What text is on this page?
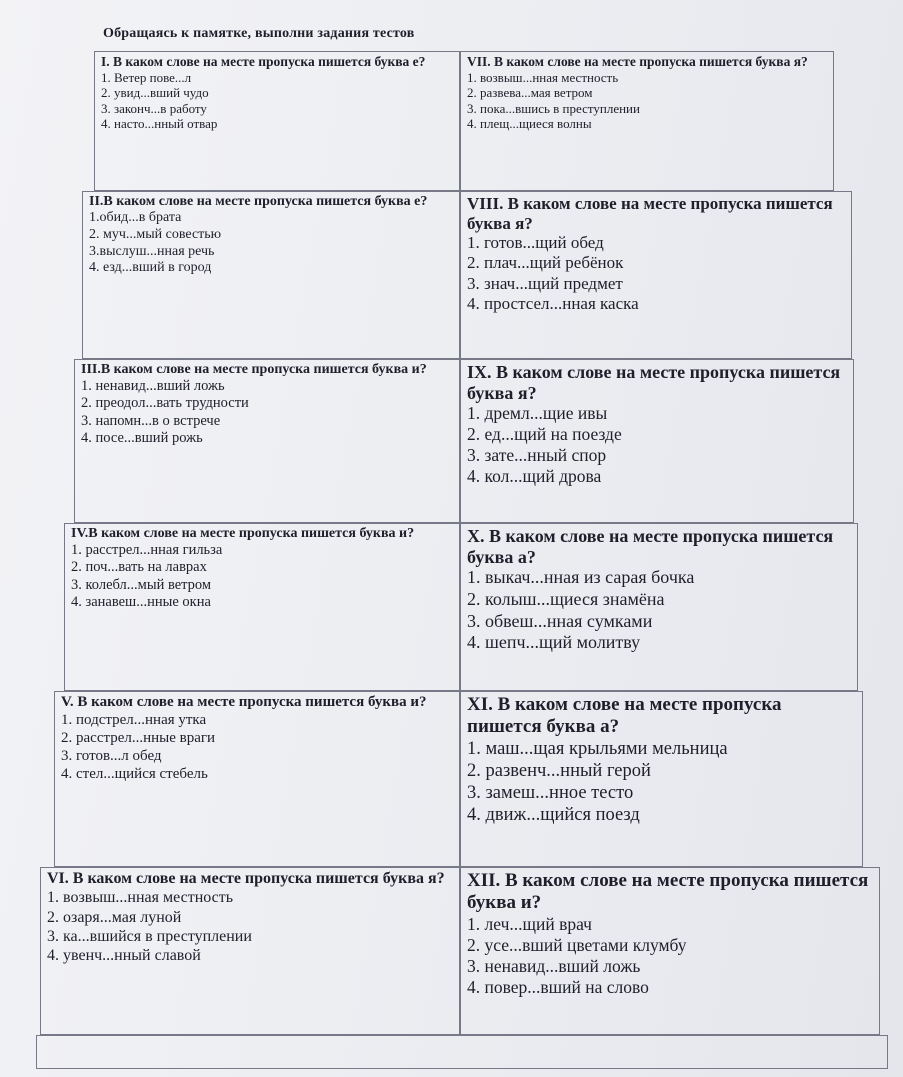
Обращаясь к памятке, выполни задания тестов
I. В каком слове на месте пропуска пишется буква е?
1. Ветер пове...л
2. увид...вший чудо
3. законч...в работу
4. насто...нный отвар
VII. В каком слове на месте пропуска пишется буква я?
1. возвыш...нная местность
2. развева...мая ветром
3. пока...вшись в преступлении
4. плещ...щиеся волны
II.В каком слове на месте пропуска пишется буква е?
1.обид...в брата
2. муч...мый совестью
3.выслуш...нная речь
4. езд...вший в город
VIII. В каком слове на месте пропуска пишется буква я?
1. готов...щий обед
2. плач...щий ребёнок
3. знач...щий предмет
4. простсел...нная каска
III.В каком слове на месте пропуска пишется буква и?
1. ненавид...вший ложь
2. преодол...вать трудности
3. напомн...в о встрече
4. посе...вший рожь
IX. В каком слове на месте пропуска пишется буква я?
1. дремл...щие ивы
2. ед...щий на поезде
3. зате...нный спор
4. кол...щий дрова
IV.В каком слове на месте пропуска пишется буква и?
1. расстрел...нная гильза
2. поч...вать на лаврах
3. колебл...мый ветром
4. занавеш...нные окна
X. В каком слове на месте пропуска пишется буква а?
1. выкач...нная из сарая бочка
2. колыш...щиеся знамёна
3. обвеш...нная сумками
4. шепч...щий молитву
V. В каком слове на месте пропуска пишется буква и?
1. подстрел...нная утка
2. расстрел...нные враги
3. готов...л обед
4. стел...щийся стебель
XI. В каком слове на месте пропуска пишется буква а?
1. маш...щая крыльями мельница
2. развенч...нный герой
3. замеш...нное тесто
4. движ...щийся поезд
VI. В каком слове на месте пропуска пишется буква я?
1. возвыш...нная местность
2. озаря...мая луной
3. ка...вшийся в преступлении
4. увенч...нный славой
XII. В каком слове на месте пропуска пишется буква и?
1. леч...щий врач
2. усе...вший цветами клумбу
3. ненавид...вший ложь
4. повер...вший на слово
